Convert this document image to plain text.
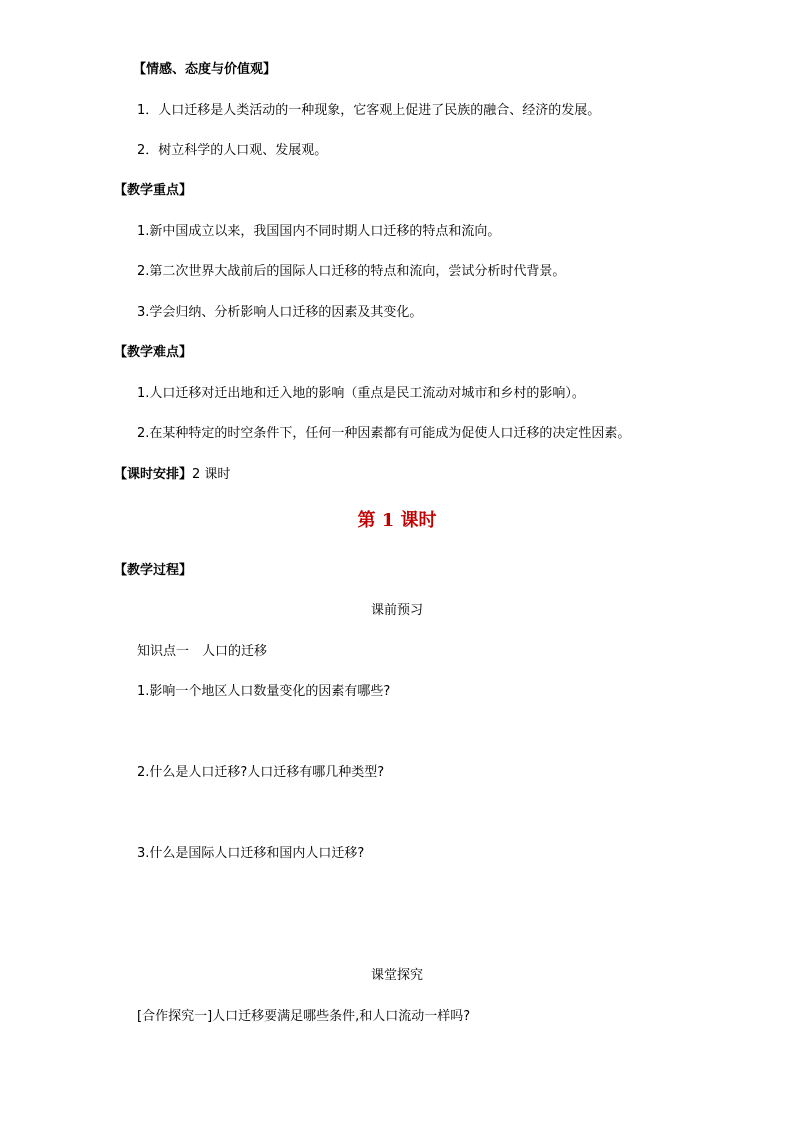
【情感、态度与价值观】
1．人口迁移是人类活动的一种现象，它客观上促进了民族的融合、经济的发展。
2．树立科学的人口观、发展观。
【教学重点】
1.新中国成立以来，我国国内不同时期人口迁移的特点和流向。
2.第二次世界大战前后的国际人口迁移的特点和流向，尝试分析时代背景。
3.学会归纳、分析影响人口迁移的因素及其变化。
【教学难点】
1.人口迁移对迁出地和迁入地的影响（重点是民工流动对城市和乡村的影响）。
2.在某种特定的时空条件下，任何一种因素都有可能成为促使人口迁移的决定性因素。
【课时安排】2 课时
第 1 课时
【教学过程】
课前预习
知识点一　人口的迁移
1.影响一个地区人口数量变化的因素有哪些?
2.什么是人口迁移?人口迁移有哪几种类型?
3.什么是国际人口迁移和国内人口迁移?
课堂探究
[合作探究一]人口迁移要满足哪些条件,和人口流动一样吗?
